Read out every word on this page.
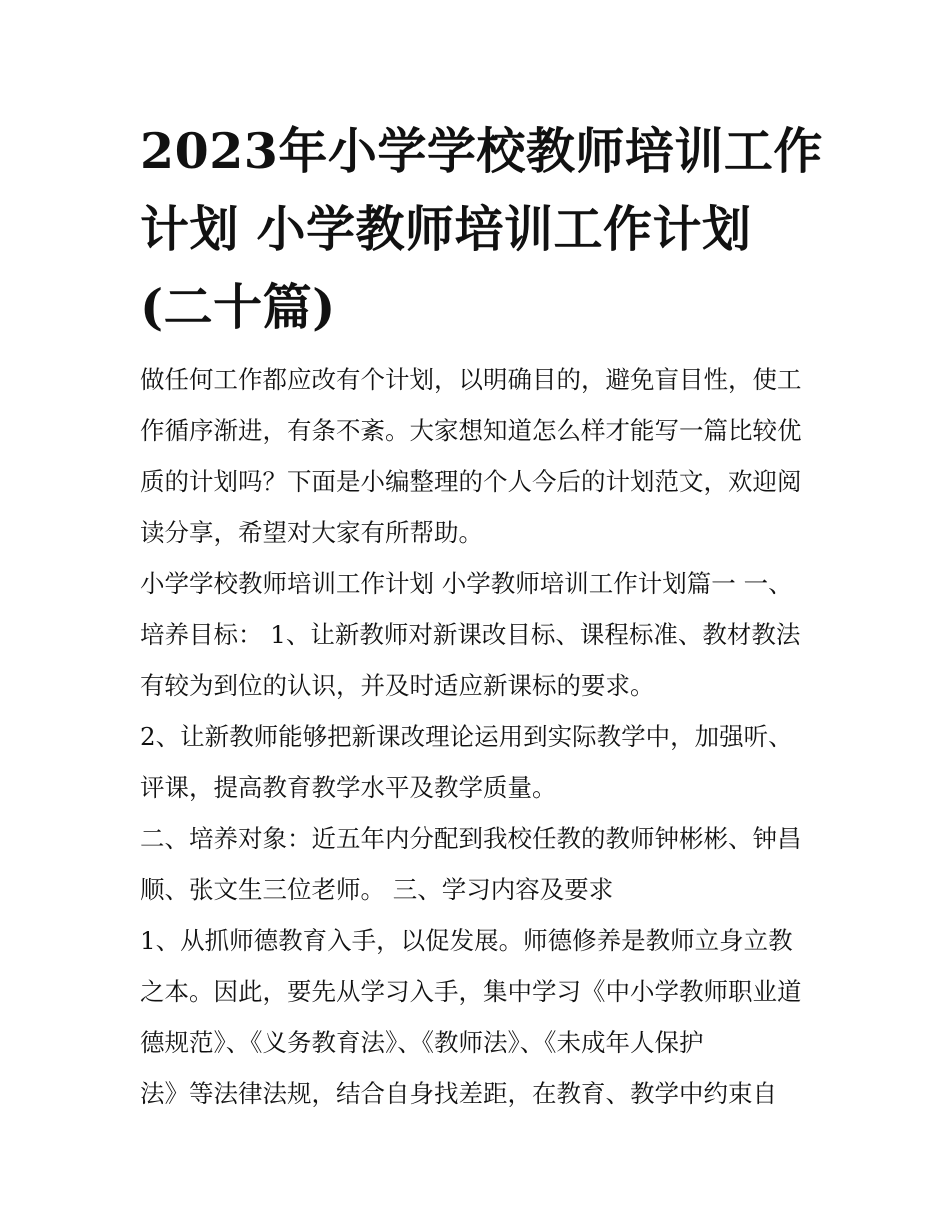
2023年小学学校教师培训工作
计划 小学教师培训工作计划
(二十篇)

做任何工作都应改有个计划，以明确目的，避免盲目性，使工
作循序渐进，有条不紊。大家想知道怎么样才能写一篇比较优
质的计划吗？下面是小编整理的个人今后的计划范文，欢迎阅
读分享，希望对大家有所帮助。

小学学校教师培训工作计划 小学教师培训工作计划篇一 一、
培养目标： 1、让新教师对新课改目标、课程标准、教材教法
有较为到位的认识，并及时适应新课标的要求。

2、让新教师能够把新课改理论运用到实际教学中，加强听、
评课，提高教育教学水平及教学质量。

二、培养对象：近五年内分配到我校任教的教师钟彬彬、钟昌
顺、张文生三位老师。 三、学习内容及要求

1、从抓师德教育入手，以促发展。师德修养是教师立身立教
之本。因此，要先从学习入手，集中学习《中小学教师职业道
德规范》、《义务教育法》、《教师法》、《未成年人保护
法》等法律法规，结合自身找差距，在教育、教学中约束自
